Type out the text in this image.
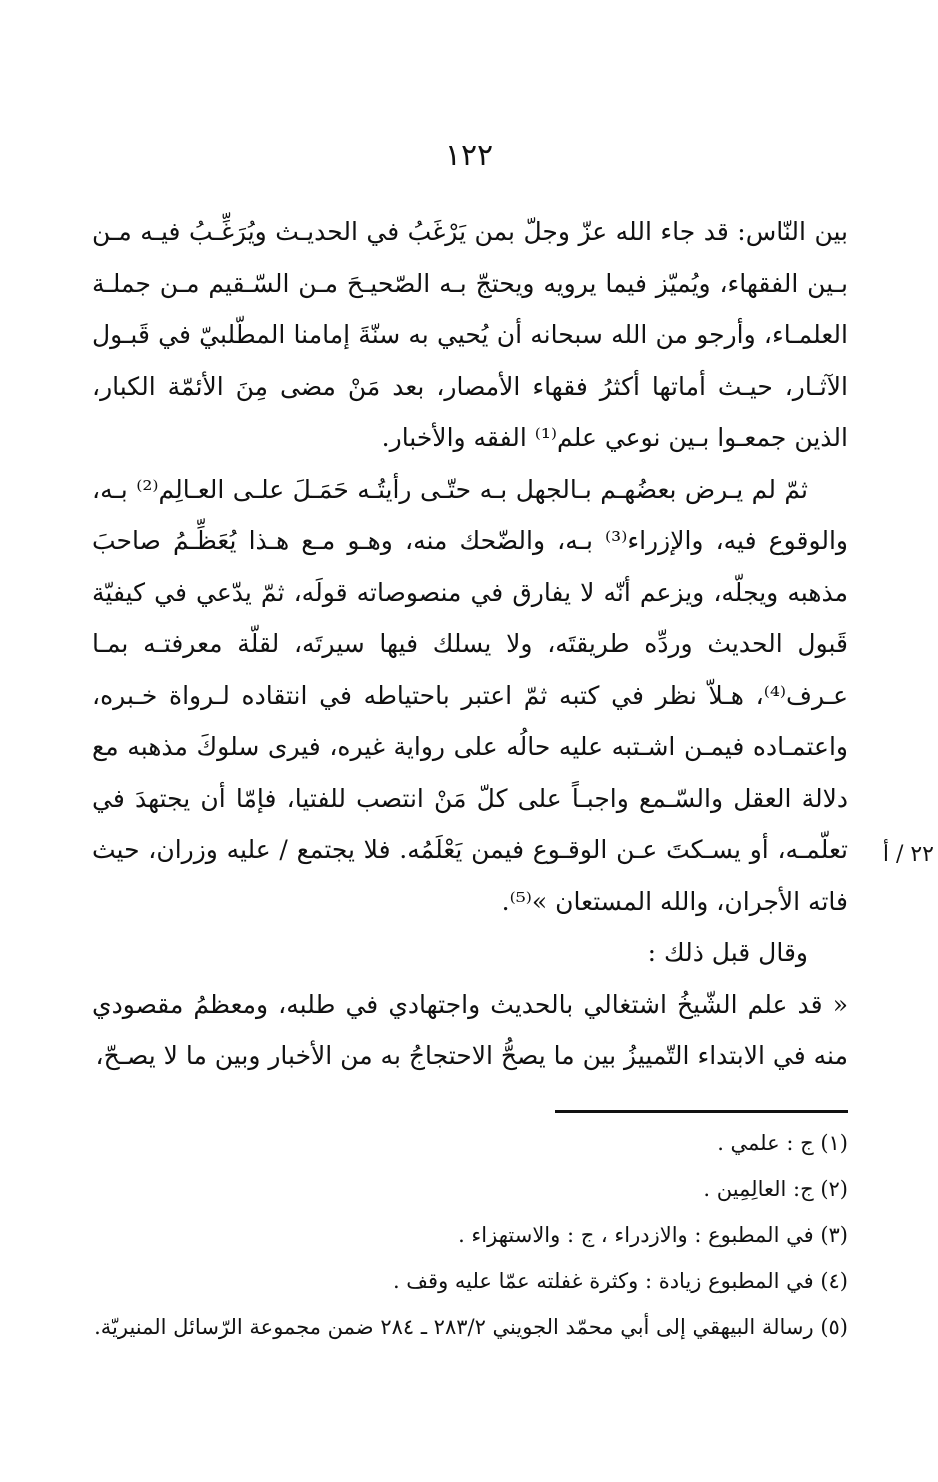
١٢٢

بين النّاس: قد جاء الله عزّ وجلّ بمن يَرْغَبُ في الحديـث ويُرَغِّـبُ فيـه مـن بـين الفقهاء، ويُميّز فيما يرويه ويحتجّ بـه الصّحيـحَ مـن السّـقيم مـن جملـة العلمـاء، وأرجو من الله سبحانه أن يُحيي به سنّةَ إمامنا المطّلبيّ في قَبـول الآثـار، حيـث أماتها أكثرُ فقهاء الأمصار، بعد مَنْ مضى مِنَ الأئمّة الكبار، الذين جمعـوا بـين نوعي علم⁽¹⁾ الفقه والأخبار.

ثمّ لم يـرض بعضُهـم بـالجهل بـه حتّـى رأيتُـه حَمَـلَ علـى العـالِم⁽²⁾ بـه، والوقوع فيه، والإزراء⁽³⁾ بـه، والضّحك منه، وهـو مـع هـذا يُعَظِّـمُ صاحبَ مذهبه ويجلّه، ويزعم أنّه لا يفارق في منصوصاته قولَه، ثمّ يدّعي في كيفيّة قَبول الحديث وردِّه طريقتَه، ولا يسلك فيها سيرتَه، لقلّة معرفتـه بمـا عـرف⁽⁴⁾، هـلاّ نظر في كتبه ثمّ اعتبر باحتياطه في انتقاده لـرواة خـبره، واعتمـاده فيمـن اشـتبه عليه حالُه على رواية غيره، فيرى سلوكَ مذهبه مع دلالة العقل والسّـمع واجبـاً على كلّ مَنْ انتصب للفتيا، فإمّا أن يجتهدَ في تعلّمـه، أو يسـكتَ عـن الوقـوع فيمن يَعْلَمُه. فلا يجتمع / عليه وزران، حيث فاته الأجران، والله المستعان »⁽⁵⁾.

وقال قبل ذلك :

« قد علم الشّيخُ اشتغالي بالحديث واجتهادي في طلبه، ومعظمُ مقصودي منه في الابتداء التّمييزُ بين ما يصحُّ الاحتجاجُ به من الأخبار وبين ما لا يصـحّ،

٢٢ / أ
(١) ج : علمي .
(٢) ج: العالِمِين .
(٣) في المطبوع : والازدراء ، ج : والاستهزاء .
(٤) في المطبوع زيادة : وكثرة غفلته عمّا عليه وقف .
(٥) رسالة البيهقي إلى أبي محمّد الجويني ٢٨٣/٢ ـ ٢٨٤ ضمن مجموعة الرّسائل المنيريّة.
